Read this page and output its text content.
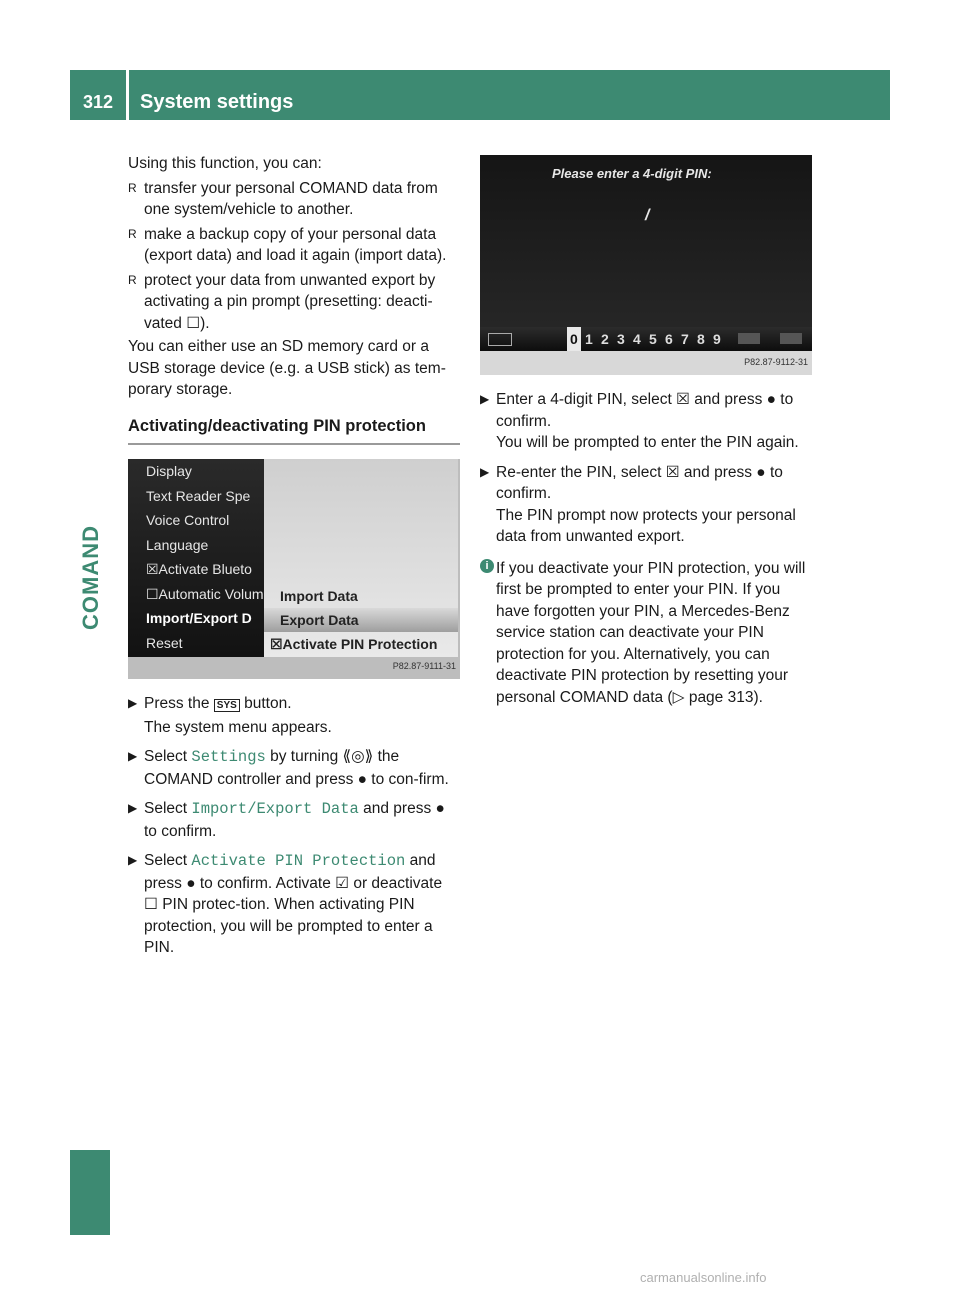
312	System settings
COMAND

Using this function, you can:

R transfer your personal COMAND data from one system/vehicle to another.
R make a backup copy of your personal data (export data) and load it again (import data).
R protect your data from unwanted export by activating a pin prompt (presetting: deacti-vated ☐).

You can either use an SD memory card or a USB storage device (e.g. a USB stick) as tem-porary storage.

Activating/deactivating PIN protection
Display
Text Reader Spe
Voice Control
Language
☒Activate Blueto
☐Automatic Volum
Import/Export D
Reset
Import Data
Export Data
☒Activate PIN Protection
P82.87-9111-31
▶ Press the SYS button.
The system menu appears.
▶ Select Settings by turning ⟪◎⟫ the COMAND controller and press ● to con-firm.
▶ Select Import/Export Data and press ● to confirm.
▶ Select Activate PIN Protection and press ● to confirm. Activate ☑ or deactivate ☐ PIN protec-tion. When activating PIN protection, you will be prompted to enter a PIN.
Please enter a 4-digit PIN:
/
0 1 2 3 4 5 6 7 8 9
P82.87-9112-31
▶ Enter a 4-digit PIN, select ☒ and press ● to confirm.
You will be prompted to enter the PIN again.
▶ Re-enter the PIN, select ☒ and press ● to confirm.
The PIN prompt now protects your personal data from unwanted export.
i If you deactivate your PIN protection, you will first be prompted to enter your PIN. If you have forgotten your PIN, a Mercedes-Benz service station can deactivate your PIN protection for you. Alternatively, you can deactivate PIN protection by resetting your personal COMAND data (▷ page 313).
carmanualsonline.info
